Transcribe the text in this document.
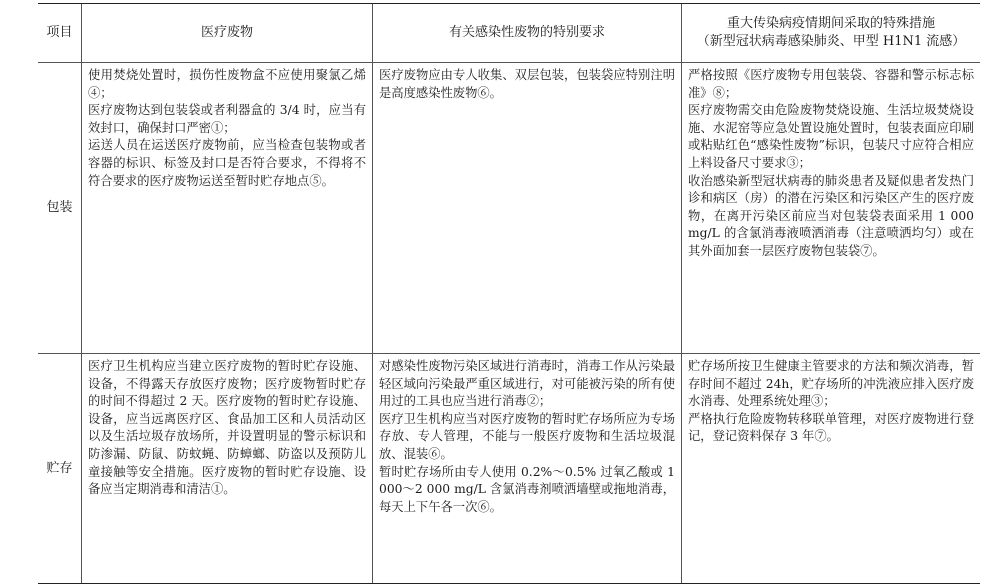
项目	医疗废物	有关感染性废物的特别要求
重大传染病疫情期间采取的特殊措施
（新型冠状病毒感染肺炎、甲型 H1N1 流感）
包装

使用焚烧处置时，损伤性废物盒不应使用聚氯乙烯④；

医疗废物达到包装袋或者利器盒的 3/4 时，应当有效封口，确保封口严密①；

运送人员在运送医疗废物前，应当检查包装物或者容器的标识、标签及封口是否符合要求，不得将不符合要求的医疗废物运送至暂时贮存地点⑤。

医疗废物应由专人收集、双层包装，包装袋应特别注明是高度感染性废物⑥。

严格按照《医疗废物专用包装袋、容器和警示标志标准》⑧；

医疗废物需交由危险废物焚烧设施、生活垃圾焚烧设施、水泥窑等应急处置设施处置时，包装表面应印刷或粘贴红色“感染性废物”标识，包装尺寸应符合相应上料设备尺寸要求③；

收治感染新型冠状病毒的肺炎患者及疑似患者发热门诊和病区（房）的潜在污染区和污染区产生的医疗废物，在离开污染区前应当对包装袋表面采用 1 000 mg/L 的含氯消毒液喷洒消毒（注意喷洒均匀）或在其外面加套一层医疗废物包装袋⑦。

贮存

医疗卫生机构应当建立医疗废物的暂时贮存设施、设备，不得露天存放医疗废物；医疗废物暂时贮存的时间不得超过 2 天。医疗废物的暂时贮存设施、设备，应当远离医疗区、食品加工区和人员活动区以及生活垃圾存放场所，并设置明显的警示标识和防渗漏、防鼠、防蚊蝇、防蟑螂、防盗以及预防儿童接触等安全措施。医疗废物的暂时贮存设施、设备应当定期消毒和清洁①。

对感染性废物污染区域进行消毒时，消毒工作从污染最轻区域向污染最严重区域进行，对可能被污染的所有使用过的工具也应当进行消毒②；

医疗卫生机构应当对医疗废物的暂时贮存场所应为专场存放、专人管理，不能与一般医疗废物和生活垃圾混放、混装⑥。

暂时贮存场所由专人使用 0.2%～0.5% 过氧乙酸或 1 000～2 000 mg/L 含氯消毒剂喷洒墙壁或拖地消毒，每天上下午各一次⑥。

贮存场所按卫生健康主管要求的方法和频次消毒，暂存时间不超过 24h，贮存场所的冲洗液应排入医疗废水消毒、处理系统处理③；

严格执行危险废物转移联单管理，对医疗废物进行登记，登记资料保存 3 年⑦。
